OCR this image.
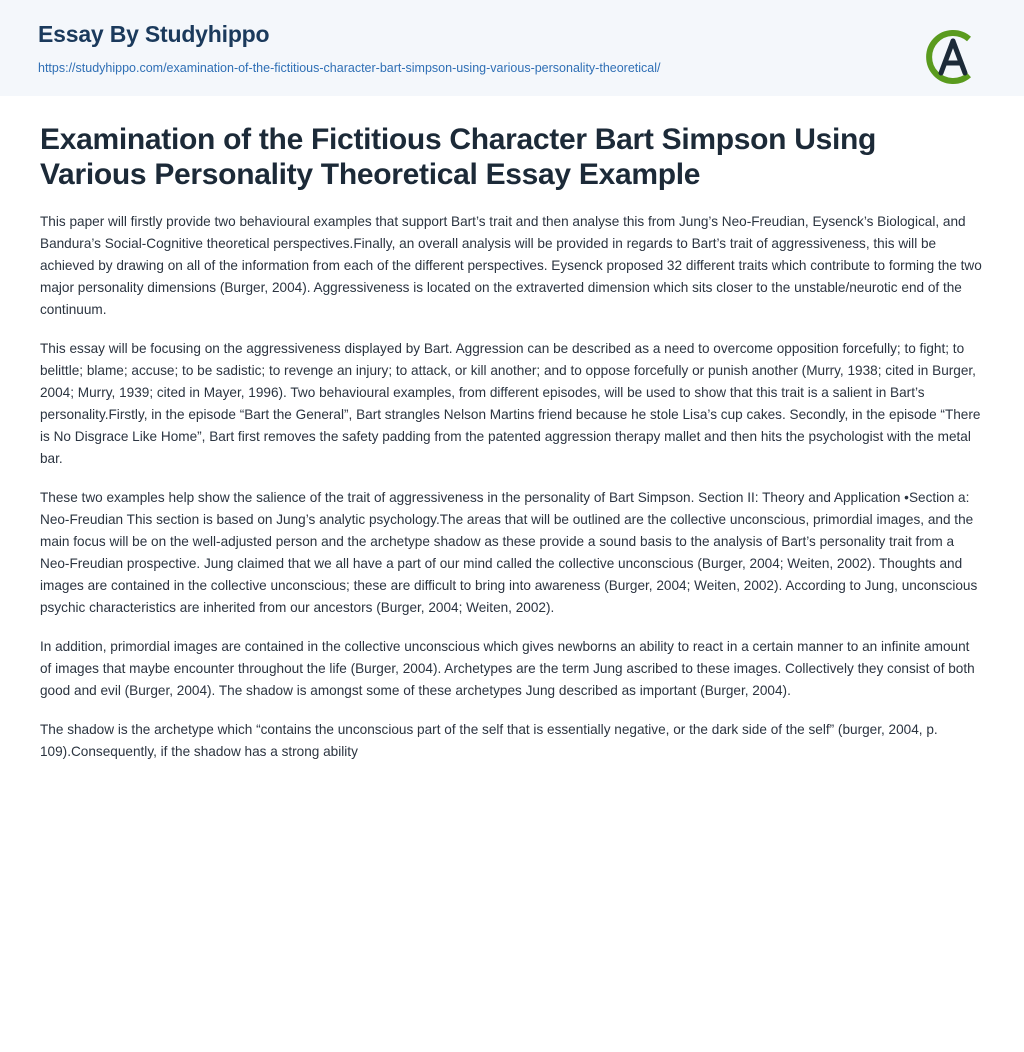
Essay By Studyhippo
https://studyhippo.com/examination-of-the-fictitious-character-bart-simpson-using-various-personality-theoretical/
Examination of the Fictitious Character Bart Simpson Using Various Personality Theoretical Essay Example

This paper will firstly provide two behavioural examples that support Bart’s trait and then analyse this from Jung’s Neo-Freudian, Eysenck’s Biological, and Bandura’s Social-Cognitive theoretical perspectives.Finally, an overall analysis will be provided in regards to Bart’s trait of aggressiveness, this will be achieved by drawing on all of the information from each of the different perspectives. Eysenck proposed 32 different traits which contribute to forming the two major personality dimensions (Burger, 2004). Aggressiveness is located on the extraverted dimension which sits closer to the unstable/neurotic end of the continuum.

This essay will be focusing on the aggressiveness displayed by Bart. Aggression can be described as a need to overcome opposition forcefully; to fight; to belittle; blame; accuse; to be sadistic; to revenge an injury; to attack, or kill another; and to oppose forcefully or punish another (Murry, 1938; cited in Burger, 2004; Murry, 1939; cited in Mayer, 1996). Two behavioural examples, from different episodes, will be used to show that this trait is a salient in Bart’s personality.Firstly, in the episode “Bart the General”, Bart strangles Nelson Martins friend because he stole Lisa’s cup cakes. Secondly, in the episode “There is No Disgrace Like Home”, Bart first removes the safety padding from the patented aggression therapy mallet and then hits the psychologist with the metal bar.

These two examples help show the salience of the trait of aggressiveness in the personality of Bart Simpson. Section II: Theory and Application •Section a: Neo-Freudian This section is based on Jung’s analytic psychology.The areas that will be outlined are the collective unconscious, primordial images, and the main focus will be on the well-adjusted person and the archetype shadow as these provide a sound basis to the analysis of Bart’s personality trait from a Neo-Freudian prospective. Jung claimed that we all have a part of our mind called the collective unconscious (Burger, 2004; Weiten, 2002). Thoughts and images are contained in the collective unconscious; these are difficult to bring into awareness (Burger, 2004; Weiten, 2002). According to Jung, unconscious psychic characteristics are inherited from our ancestors (Burger, 2004; Weiten, 2002).

In addition, primordial images are contained in the collective unconscious which gives newborns an ability to react in a certain manner to an infinite amount of images that maybe encounter throughout the life (Burger, 2004). Archetypes are the term Jung ascribed to these images. Collectively they consist of both good and evil (Burger, 2004). The shadow is amongst some of these archetypes Jung described as important (Burger, 2004).

The shadow is the archetype which “contains the unconscious part of the self that is essentially negative, or the dark side of the self” (burger, 2004, p. 109).Consequently, if the shadow has a strong ability
